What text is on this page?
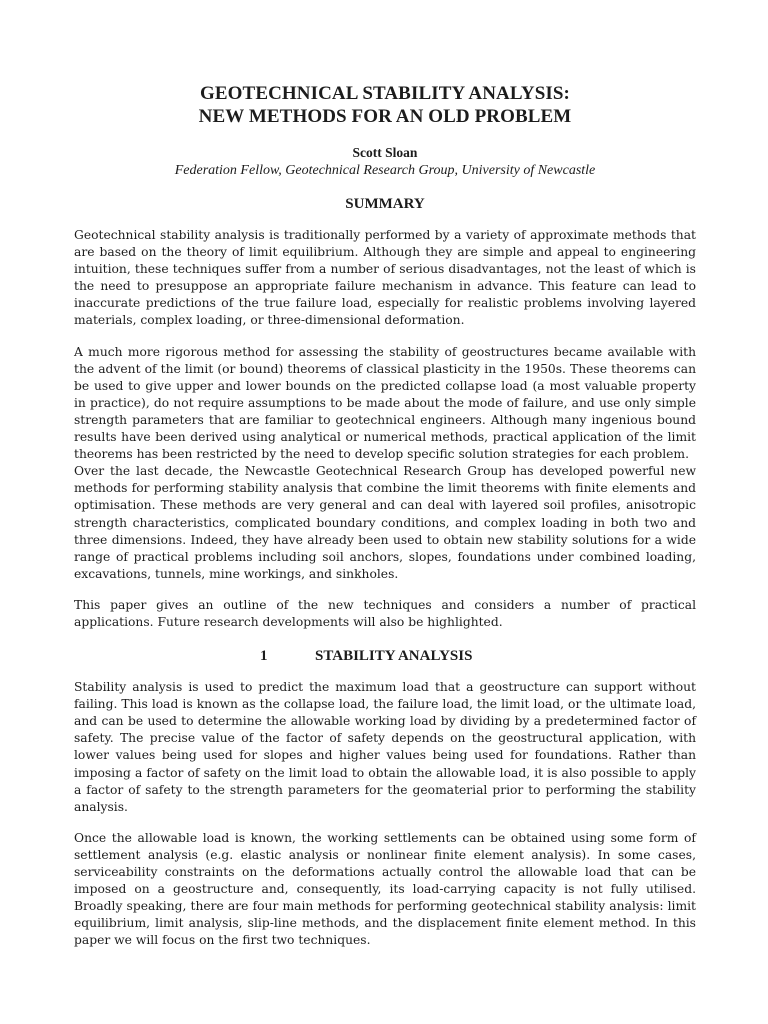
GEOTECHNICAL STABILITY ANALYSIS:
NEW METHODS FOR AN OLD PROBLEM

Scott Sloan

Federation Fellow, Geotechnical Research Group, University of Newcastle

SUMMARY

Geotechnical stability analysis is traditionally performed by a variety of approximate methods that are based on the theory of limit equilibrium. Although they are simple and appeal to engineering intuition, these techniques suffer from a number of serious disadvantages, not the least of which is the need to presuppose an appropriate failure mechanism in advance. This feature can lead to inaccurate predictions of the true failure load, especially for realistic problems involving layered materials, complex loading, or three-dimensional deformation.

A much more rigorous method for assessing the stability of geostructures became available with the advent of the limit (or bound) theorems of classical plasticity in the 1950s. These theorems can be used to give upper and lower bounds on the predicted collapse load (a most valuable property in practice), do not require assumptions to be made about the mode of failure, and use only simple strength parameters that are familiar to geotechnical engineers. Although many ingenious bound results have been derived using analytical or numerical methods, practical application of the limit theorems has been restricted by the need to develop specific solution strategies for each problem.

Over the last decade, the Newcastle Geotechnical Research Group has developed powerful new methods for performing stability analysis that combine the limit theorems with finite elements and optimisation. These methods are very general and can deal with layered soil profiles, anisotropic strength characteristics, complicated boundary conditions, and complex loading in both two and three dimensions. Indeed, they have already been used to obtain new stability solutions for a wide range of practical problems including soil anchors, slopes, foundations under combined loading, excavations, tunnels, mine workings, and sinkholes.

This paper gives an outline of the new techniques and considers a number of practical applications. Future research developments will also be highlighted.

1	STABILITY ANALYSIS

Stability analysis is used to predict the maximum load that a geostructure can support without failing. This load is known as the collapse load, the failure load, the limit load, or the ultimate load, and can be used to determine the allowable working load by dividing by a predetermined factor of safety. The precise value of the factor of safety depends on the geostructural application, with lower values being used for slopes and higher values being used for foundations. Rather than imposing a factor of safety on the limit load to obtain the allowable load, it is also possible to apply a factor of safety to the strength parameters for the geomaterial prior to performing the stability analysis.

Once the allowable load is known, the working settlements can be obtained using some form of settlement analysis (e.g. elastic analysis or nonlinear finite element analysis). In some cases, serviceability constraints on the deformations actually control the allowable load that can be imposed on a geostructure and, consequently, its load-carrying capacity is not fully utilised. Broadly speaking, there are four main methods for performing geotechnical stability analysis: limit equilibrium, limit analysis, slip-line methods, and the displacement finite element method. In this paper we will focus on the first two techniques.
